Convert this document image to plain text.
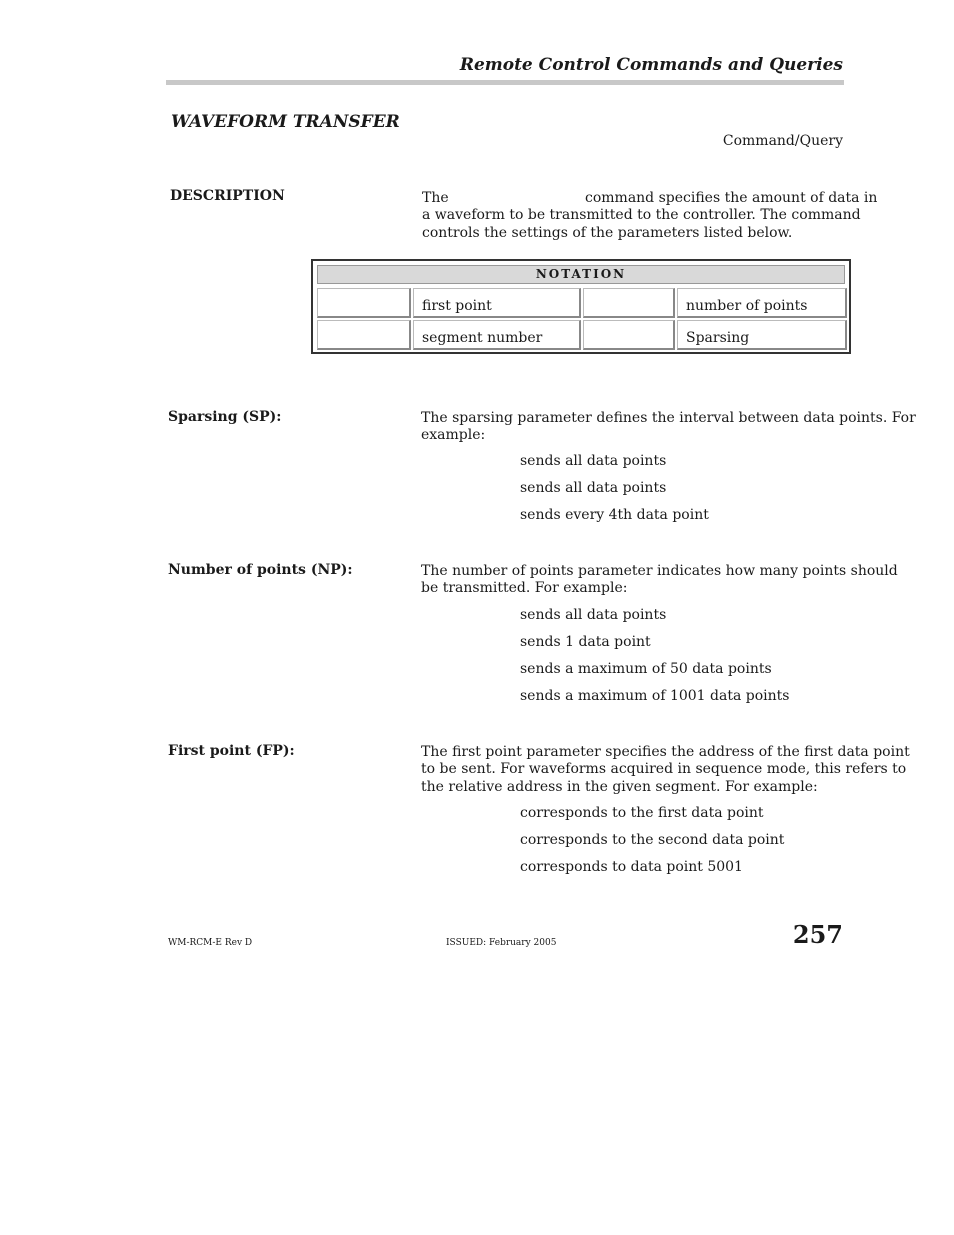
Remote Control Commands and Queries
WAVEFORM TRANSFER
Command/Query
DESCRIPTION	The	command specifies the amount of data in
a waveform to be transmitted to the controller. The command
controls the settings of the parameters listed below.
NOTATION
first point	number of points
segment number	Sparsing
Sparsing (SP):	The sparsing parameter defines the interval between data points. For
example:
sends all data points
sends all data points
sends every 4th data point
Number of points (NP):	The number of points parameter indicates how many points should
be transmitted. For example:
sends all data points
sends 1 data point
sends a maximum of 50 data points
sends a maximum of 1001 data points
First point (FP):	The first point parameter specifies the address of the first data point
to be sent. For waveforms acquired in sequence mode, this refers to
the relative address in the given segment. For example:
corresponds to the first data point
corresponds to the second data point
corresponds to data point 5001
WM-RCM-E Rev D	ISSUED: February 2005	257
